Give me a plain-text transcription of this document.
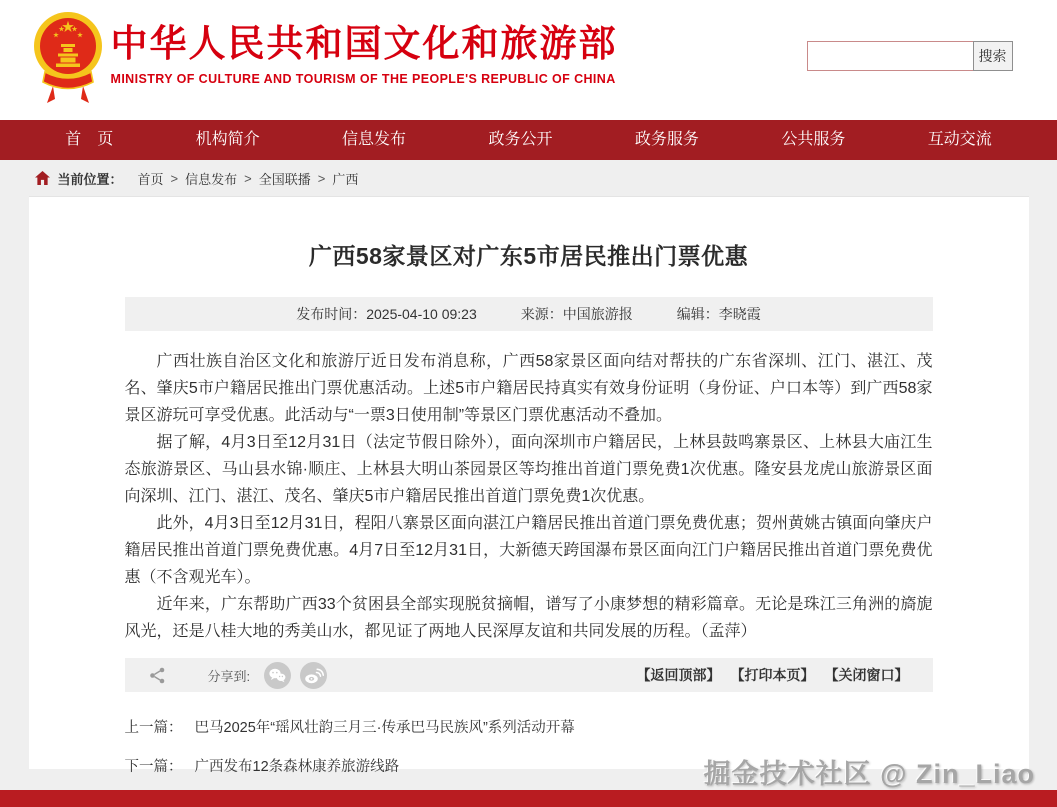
中华人民共和国文化和旅游部
MINISTRY OF CULTURE AND TOURISM OF THE PEOPLE'S REPUBLIC OF CHINA
搜索
首　页	机构简介	信息发布	政务公开	政务服务	公共服务	互动交流
当前位置： 首页 > 信息发布 > 全国联播 > 广西
广西58家景区对广东5市居民推出门票优惠
发布时间：2025-04-10 09:23	来源：中国旅游报	编辑：李晓霞

广西壮族自治区文化和旅游厅近日发布消息称，广西58家景区面向结对帮扶的广东省深圳、江门、湛江、茂名、肇庆5市户籍居民推出门票优惠活动。上述5市户籍居民持真实有效身份证明（身份证、户口本等）到广西58家景区游玩可享受优惠。此活动与“一票3日使用制”等景区门票优惠活动不叠加。

据了解，4月3日至12月31日（法定节假日除外），面向深圳市户籍居民，上林县鼓鸣寨景区、上林县大庙江生态旅游景区、马山县水锦·顺庄、上林县大明山茶园景区等均推出首道门票免费1次优惠。隆安县龙虎山旅游景区面向深圳、江门、湛江、茂名、肇庆5市户籍居民推出首道门票免费1次优惠。

此外，4月3日至12月31日，程阳八寨景区面向湛江户籍居民推出首道门票免费优惠；贺州黄姚古镇面向肇庆户籍居民推出首道门票免费优惠。4月7日至12月31日，大新德天跨国瀑布景区面向江门户籍居民推出首道门票免费优惠（不含观光车）。

近年来，广东帮助广西33个贫困县全部实现脱贫摘帽，谱写了小康梦想的精彩篇章。无论是珠江三角洲的旖旎风光，还是八桂大地的秀美山水，都见证了两地人民深厚友谊和共同发展的历程。（孟萍）

分享到:	【返回顶部】 【打印本页】 【关闭窗口】
上一篇： 巴马2025年“瑶风壮韵三月三·传承巴马民族风”系列活动开幕
下一篇： 广西发布12条森林康养旅游线路	掘金技术社区 @ Zin_Liao
